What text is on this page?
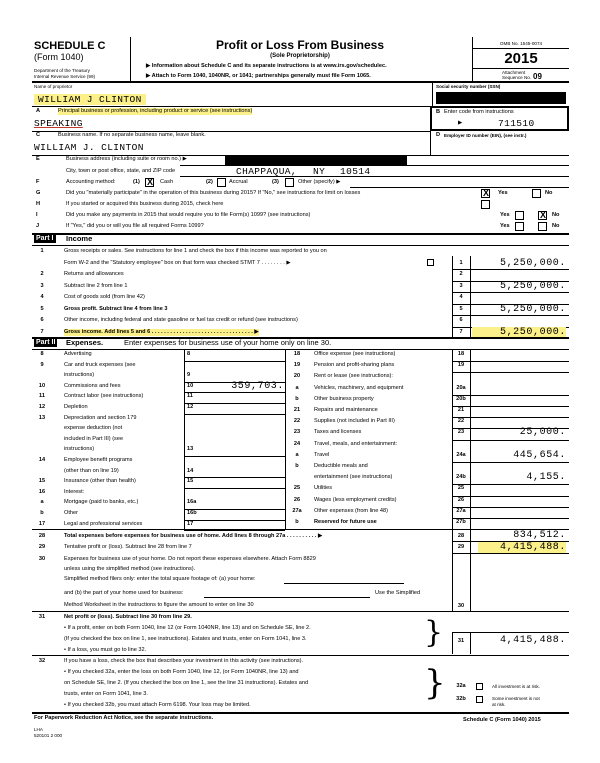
SCHEDULE C
(Form 1040)
Department of the Treasury
Internal Revenue Service (99)
Profit or Loss From Business
(Sole Proprietorship)
▶ Information about Schedule C and its separate instructions is at www.irs.gov/schedulec.
▶ Attach to Form 1040, 1040NR, or 1041; partnerships generally must file Form 1065.
OMB No. 1545-0074
2015
Attachment
Sequence No. 09
Name of proprietor	Social security number (SSN)
WILLIAM J CLINTON
A	Principal business or profession, including product or service (see instructions)
SPEAKING
B Enter code from instructions
▶	711510
C	Business name. If no separate business name, leave blank.	D Employer ID number (EIN), (see instr.)
WILLIAM J. CLINTON
E	Business address (including suite or room no.) ▶
City, town or post office, state, and ZIP code	CHAPPAQUA, NY 10514
F	Accounting method:	(1) X Cash	(2)	Accrual	(3)	Other (specify) ▶
G	Did you "materially participate" in the operation of this business during 2015? If "No," see instructions for limit on losses	X Yes	No
H	If you started or acquired this business during 2015, check here
I	Did you make any payments in 2015 that would require you to file Form(s) 1099? (see instructions)	Yes	X No
J	If "Yes," did you or will you file all required Forms 1099?	Yes	No
Part I Income
1	Gross receipts or sales. See instructions for line 1 and check the box if this income was reported to you on
Form W-2 and the "Statutory employee" box on that form was checked STMT 7 . . . . . . . . ▶	1	5,250,000.
2	Returns and allowances	2
3	Subtract line 2 from line 1	3	5,250,000.
4	Cost of goods sold (from line 42)	4
5	Gross profit. Subtract line 4 from line 3	5	5,250,000.
6	Other income, including federal and state gasoline or fuel tax credit or refund (see instructions)	6
7	Gross income. Add lines 5 and 6 . . . . . . . . . . . . . . . . . . . . . . . . . . . . . . . . . ▶	7	5,250,000.
Part II Expenses.	Enter expenses for business use of your home only on line 30.
8	Advertising	8
9	Car and truck expenses (see
instructions)	9
10	Commissions and fees	10	359,703.
11	Contract labor (see instructions)	11
12	Depletion	12
13	Depreciation and section 179
expense deduction (not
included in Part III) (see
instructions)	13
14	Employee benefit programs
(other than on line 19)	14
15	Insurance (other than health)	15
16	Interest:
a	Mortgage (paid to banks, etc.)	16a
b	Other	16b
17	Legal and professional services	17
18	Office expense (see instructions)	18
19	Pension and profit-sharing plans	19
20	Rent or lease (see instructions):
a	Vehicles, machinery, and equipment	20a
b	Other business property	20b
21	Repairs and maintenance	21
22	Supplies (not included in Part III)	22
23	Taxes and licenses	23	25,000.
24	Travel, meals, and entertainment:
a	Travel	24a	445,654.
b	Deductible meals and
entertainment (see instructions)	24b	4,155.
25	Utilities	25
26	Wages (less employment credits)	26
27a	Other expenses (from line 48)	27a
b	Reserved for future use	27b
28	Total expenses before expenses for business use of home. Add lines 8 through 27a . . . . . . . . . . ▶	28	834,512.
29	Tentative profit or (loss). Subtract line 28 from line 7	29	4,415,488.
30	Expenses for business use of your home. Do not report these expenses elsewhere. Attach Form 8829
unless using the simplified method (see instructions).
Simplified method filers only: enter the total square footage of: (a) your home:
and (b) the part of your home used for business:	Use the Simplified
Method Worksheet in the instructions to figure the amount to enter on line 30	30
31	Net profit or (loss). Subtract line 30 from line 29.
• If a profit, enter on both Form 1040, line 12 (or Form 1040NR, line 13) and on Schedule SE, line 2.
(If you checked the box on line 1, see instructions). Estates and trusts, enter on Form 1041, line 3.
• If a loss, you must go to line 32.	}	31	4,415,488.
32	If you have a loss, check the box that describes your investment in this activity (see instructions).
• If you checked 32a, enter the loss on both Form 1040, line 12, (or Form 1040NR, line 13) and
on Schedule SE, line 2. (If you checked the box on line 1, see the line 31 instructions). Estates and
trusts, enter on Form 1041, line 3.
• If you checked 32b, you must attach Form 6198. Your loss may be limited.
}	32a	All investment is at risk.
32b	Some investment is not
at risk.
For Paperwork Reduction Act Notice, see the separate instructions.	Schedule C (Form 1040) 2015
LHA
520101 2 000
